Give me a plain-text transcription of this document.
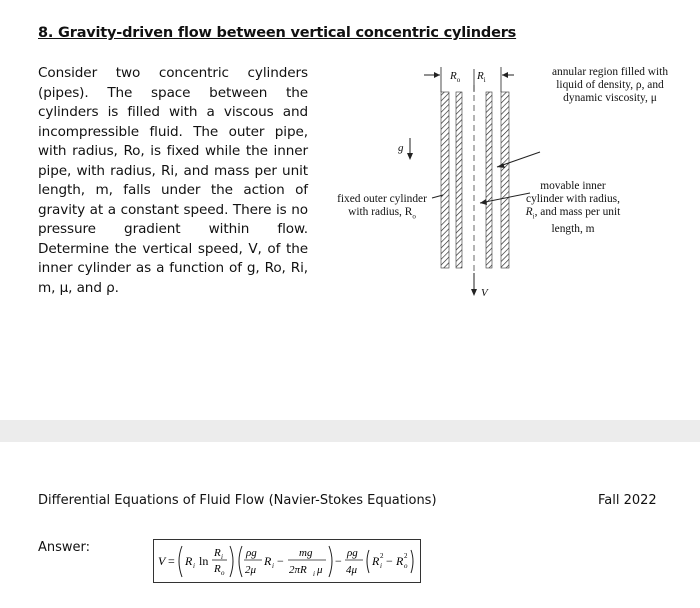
8. Gravity-driven flow between vertical concentric cylinders
Consider two concentric cylinders (pipes). The space between the cylinders is filled with a viscous and incompressible fluid. The outer pipe, with radius, Ro, is fixed while the inner pipe, with radius, Ri, and mass per unit length, m, falls under the action of gravity at a constant speed. There is no pressure gradient within flow. Determine the vertical speed, V, of the inner cylinder as a function of g, Ro, Ri, m, μ, and ρ.
$R_o$ $R_i$
g
V
annular region filled with
liquid of density, ρ, and
dynamic viscosity, μ
fixed outer cylinder
with radius, $R_o$
movable inner
cylinder with radius,
$R_i$, and mass per unit
length, m
Differential Equations of Fluid Flow (Navier-Stokes Equations)	Fall 2022
Answer:
V = R i ln
R i
R o
ρg
2μ
R i −
mg
2πR i μ
−
ρg
4μ
R 2
i − R 2
o
